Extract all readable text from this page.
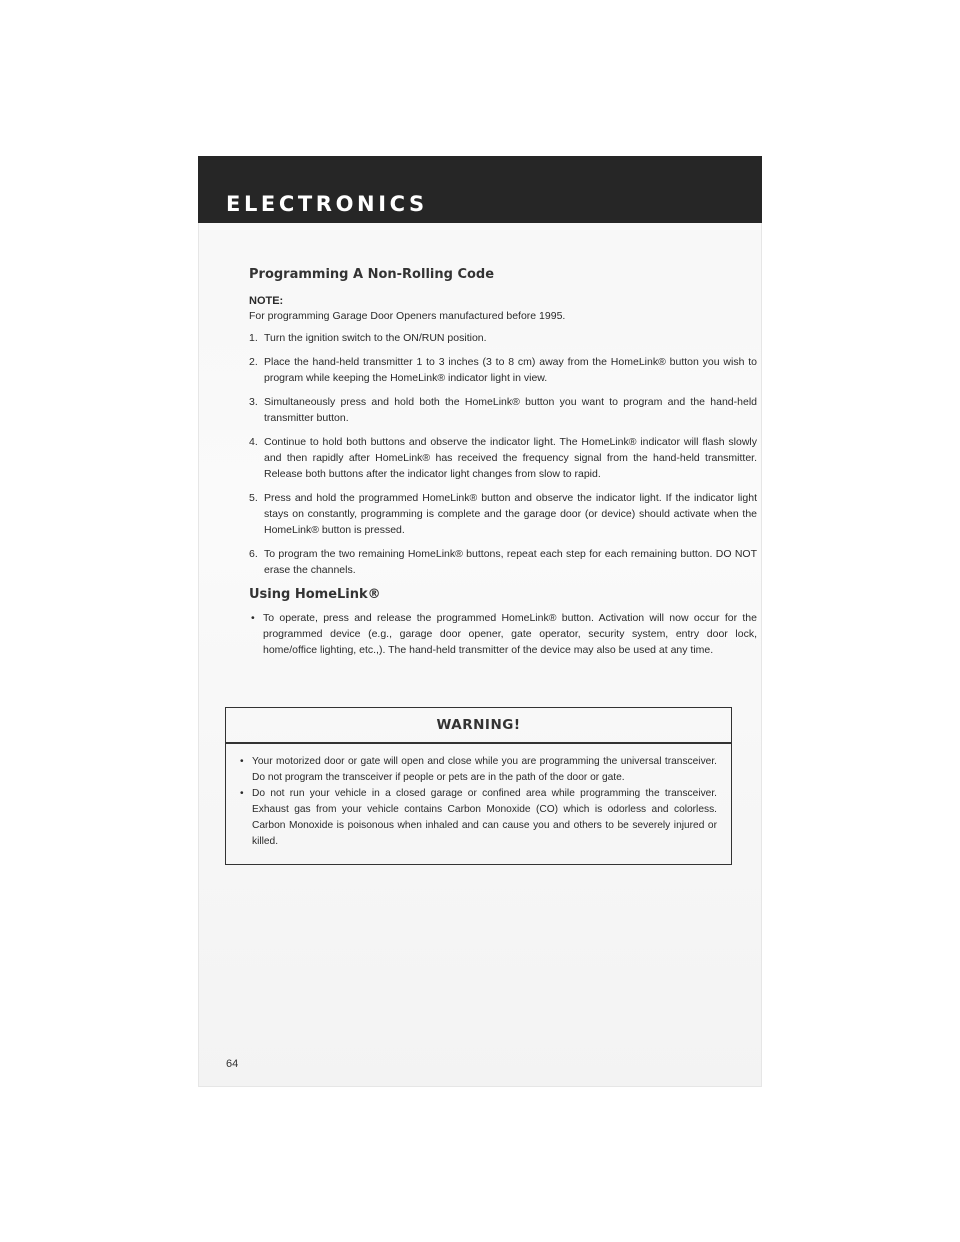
ELECTRONICS
Programming A Non-Rolling Code
NOTE:
For programming Garage Door Openers manufactured before 1995.
1. Turn the ignition switch to the ON/RUN position.
2. Place the hand-held transmitter 1 to 3 inches (3 to 8 cm) away from the HomeLink® button you wish to program while keeping the HomeLink® indicator light in view.
3. Simultaneously press and hold both the HomeLink® button you want to program and the hand-held transmitter button.
4. Continue to hold both buttons and observe the indicator light. The HomeLink® indicator will flash slowly and then rapidly after HomeLink® has received the frequency signal from the hand-held transmitter. Release both buttons after the indicator light changes from slow to rapid.
5. Press and hold the programmed HomeLink® button and observe the indicator light. If the indicator light stays on constantly, programming is complete and the garage door (or device) should activate when the HomeLink® button is pressed.
6. To program the two remaining HomeLink® buttons, repeat each step for each remaining button. DO NOT erase the channels.
Using HomeLink®
• To operate, press and release the programmed HomeLink® button. Activation will now occur for the programmed device (e.g., garage door opener, gate operator, security system, entry door lock, home/office lighting, etc.,). The hand-held transmitter of the device may also be used at any time.
WARNING!
• Your motorized door or gate will open and close while you are programming the universal transceiver. Do not program the transceiver if people or pets are in the path of the door or gate.
• Do not run your vehicle in a closed garage or confined area while programming the transceiver. Exhaust gas from your vehicle contains Carbon Monoxide (CO) which is odorless and colorless. Carbon Monoxide is poisonous when inhaled and can cause you and others to be severely injured or killed.
64
